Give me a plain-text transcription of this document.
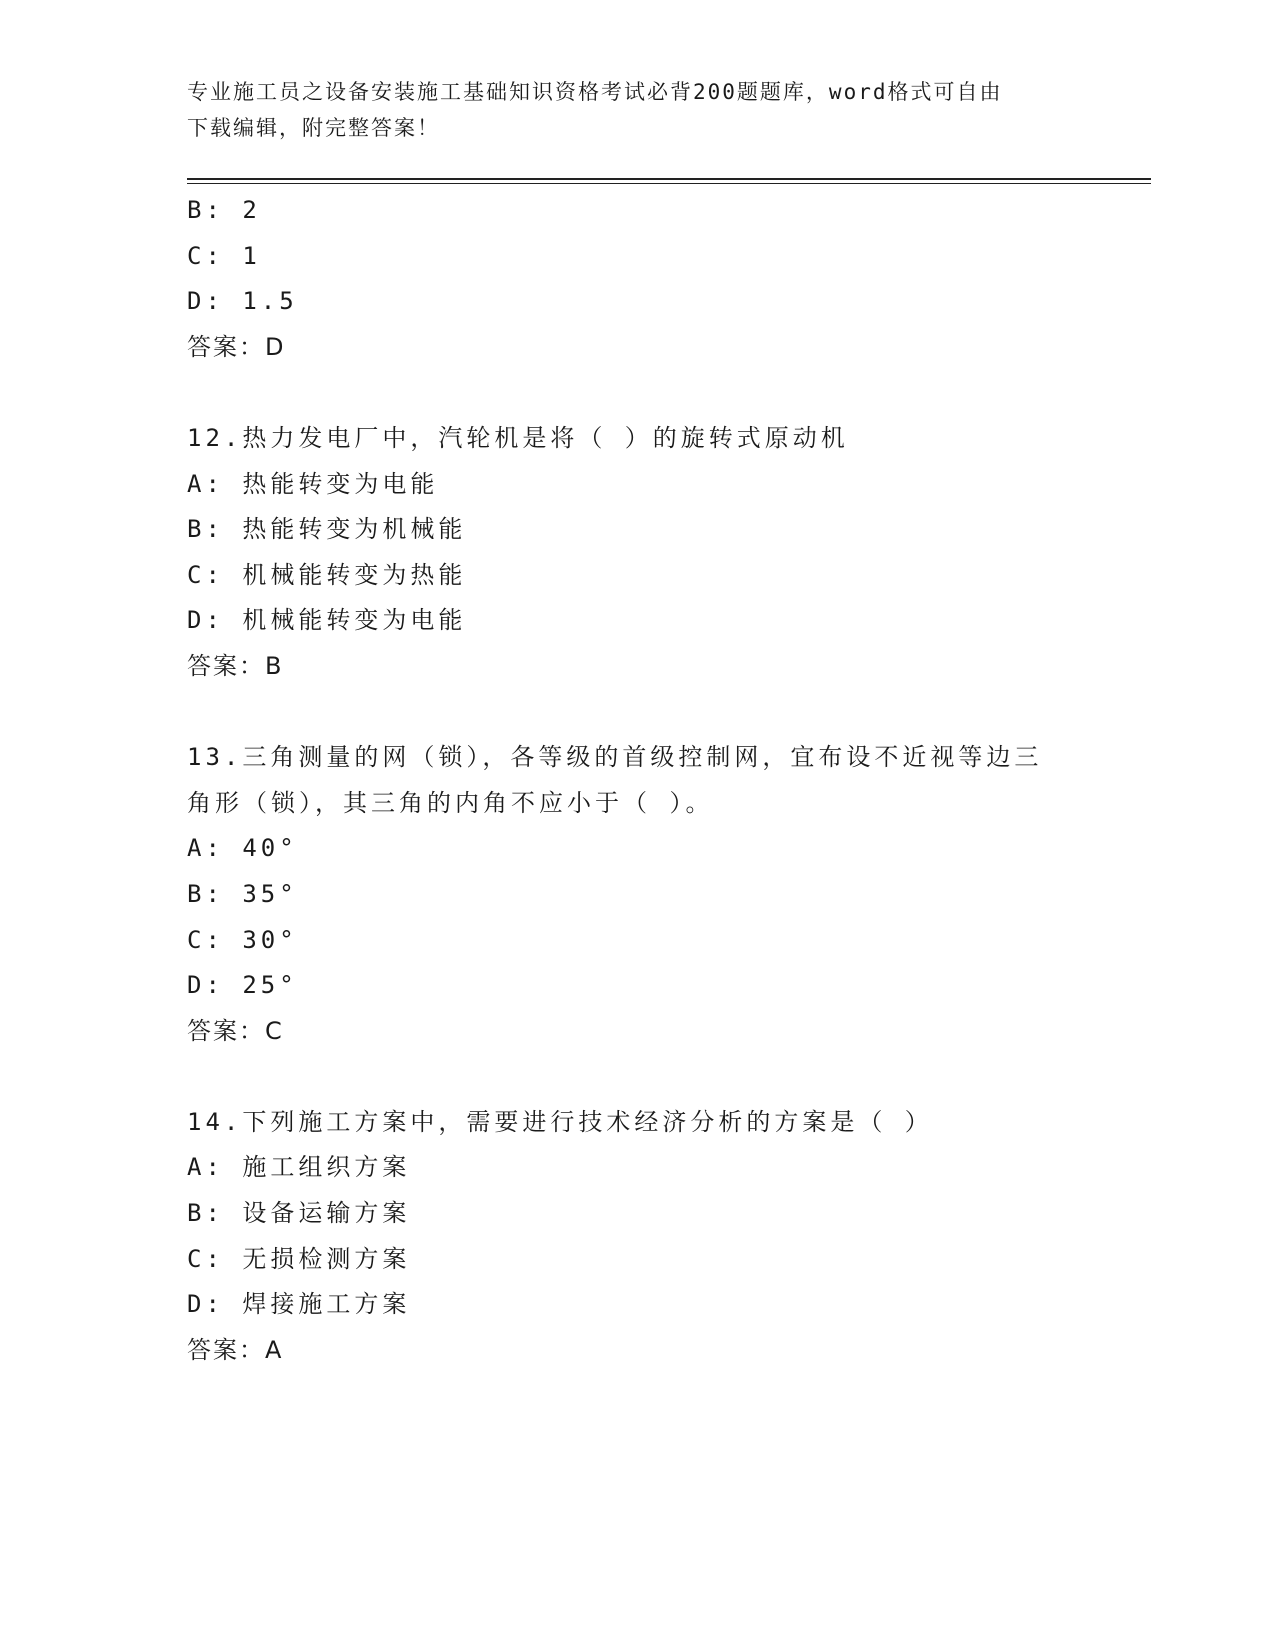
专业施工员之设备安装施工基础知识资格考试必背200题题库，word格式可自由
下载编辑，附完整答案！
B: 2
C: 1
D: 1.5
答案：D
12.热力发电厂中，汽轮机是将（ ）的旋转式原动机
A: 热能转变为电能
B: 热能转变为机械能
C: 机械能转变为热能
D: 机械能转变为电能
答案：B
13.三角测量的网（锁），各等级的首级控制网，宜布设不近视等边三
角形（锁），其三角的内角不应小于（ ）。
A: 40°
B: 35°
C: 30°
D: 25°
答案：C
14.下列施工方案中，需要进行技术经济分析的方案是（ ）
A: 施工组织方案
B: 设备运输方案
C: 无损检测方案
D: 焊接施工方案
答案：A
